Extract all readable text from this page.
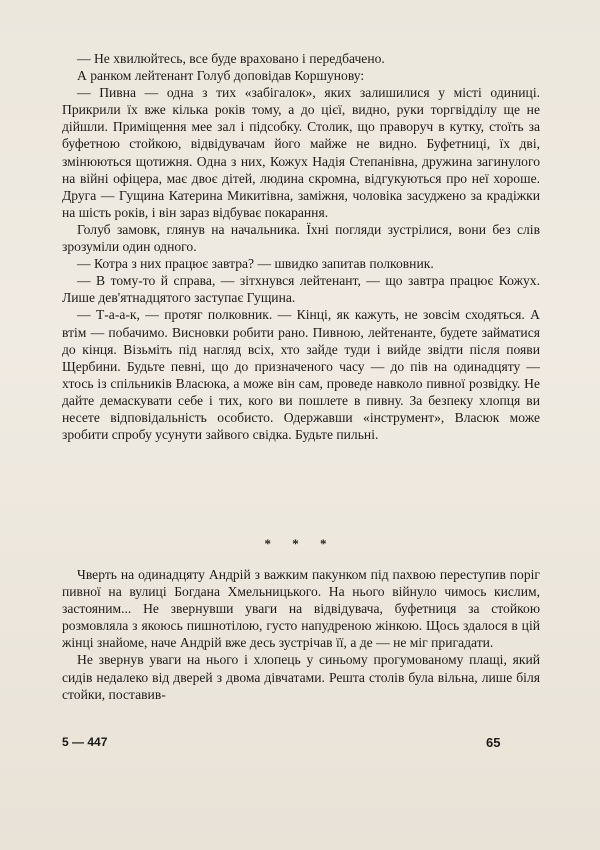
— Не хвилюйтесь, все буде враховано і передбачено.

А ранком лейтенант Голуб доповідав Коршунову:

— Пивна — одна з тих «забігалок», яких залишилися у місті одиниці. Прикрили їх вже кілька років тому, а до цієї, видно, руки торгвідділу ще не дійшли. Приміщення мее зал і підсобку. Столик, що праворуч в кутку, стоїть за буфетною стойкою, відвідувачам його майже не видно. Буфетниці, їх дві, змінюються щотижня. Одна з них, Кожух Надія Степанівна, дружина загинулого на війні офіцера, має двоє дітей, людина скромна, відгукуються про неї хороше. Друга — Гущина Катерина Микитівна, заміжня, чоловіка засуджено за крадіжки на шість років, і він зараз відбуває покарання.

Голуб замовк, глянув на начальника. Їхні погляди зустрілися, вони без слів зрозуміли один одного.

— Котра з них працює завтра? — швидко запитав полковник.

— В тому-то й справа, — зітхнувся лейтенант, — що завтра працює Кожух. Лише дев'ятнадцятого заступає Гущина.

— Т-а-а-к, — протяг полковник. — Кінці, як кажуть, не зовсім сходяться. А втім — побачимо. Висновки робити рано. Пивною, лейтенанте, будете займатися до кінця. Візьміть під нагляд всіх, хто зайде туди і вийде звідти після появи Щербини. Будьте певні, що до призначеного часу — до пів на одинадцяту — хтось із спільників Власюка, а може він сам, проведе навколо пивної розвідку. Не дайте демаскувати себе і тих, кого ви пошлете в пивну. За безпеку хлопця ви несете відповідальність особисто. Одержавши «інструмент», Власюк може зробити спробу усунути зайвого свідка. Будьте пильні.

* * *

Чверть на одинадцяту Андрій з важким пакунком під пахвою переступив поріг пивної на вулиці Богдана Хмельницького. На нього війнуло чимось кислим, застояним... Не звернувши уваги на відвідувача, буфетниця за стойкою розмовляла з якоюсь пишнотілою, густо напудреною жінкою. Щось здалося в цій жінці знайоме, наче Андрій вже десь зустрічав її, а де — не міг пригадати.

Не звернув уваги на нього і хлопець у синьому прогумованому плащі, який сидів недалеко від дверей з двома дівчатами. Решта столів була вільна, лише біля стойки, поставив-

5 — 447	65
